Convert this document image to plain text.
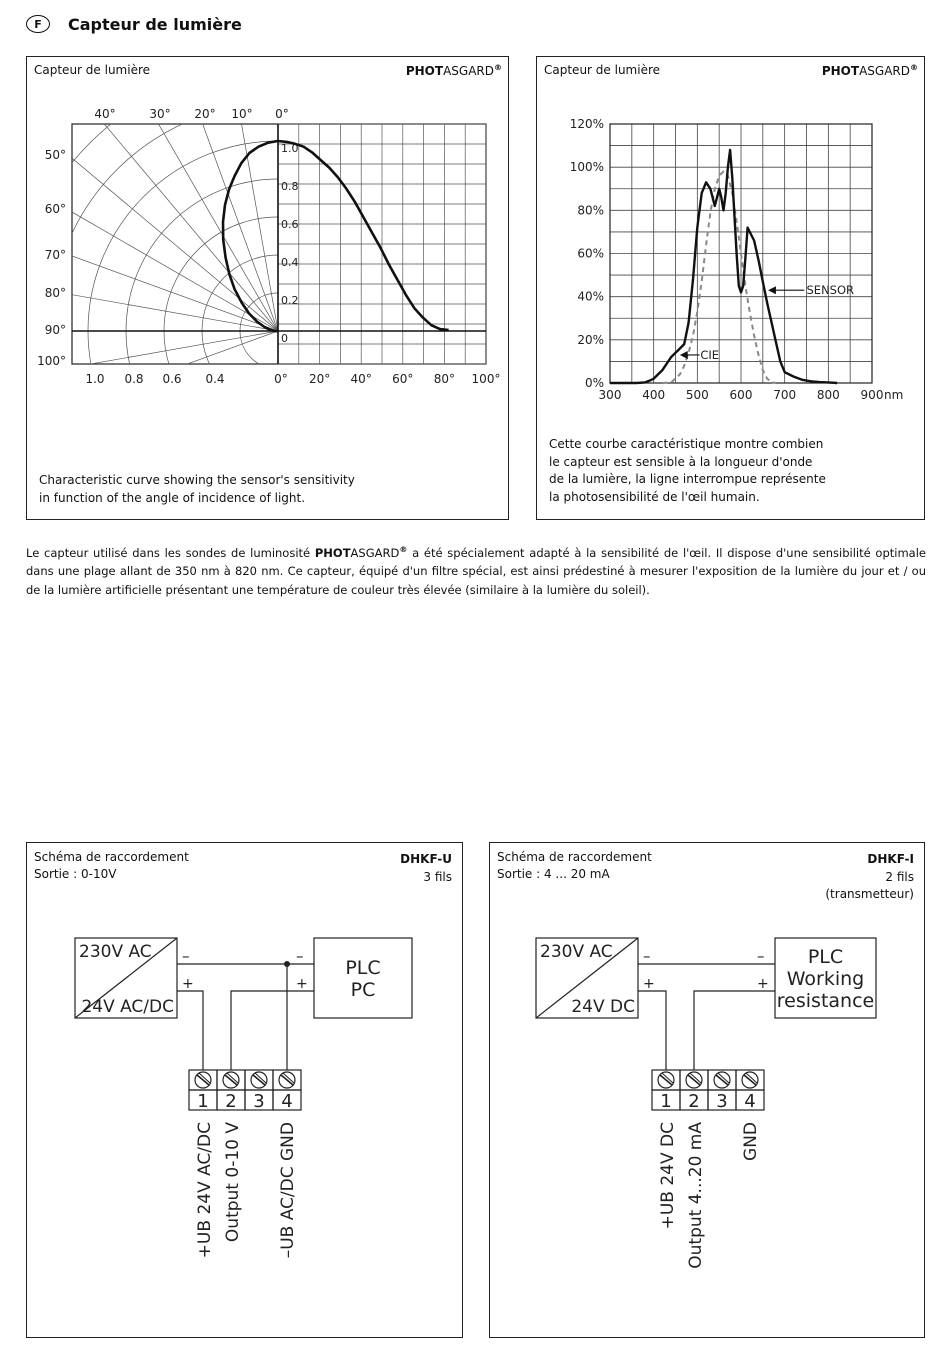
F	Capteur de lumière
Capteur de lumière	PHOTASGARD®
1.0
0.8
0.6
0.4
0.2
0
40°	30° 20° 10° 0°
50°
60°
70°
80°
90°
100°
1.0 0.8 0.6 0.4	0° 20° 40° 60° 80° 100°
Characteristic curve showing the sensor's sensitivity
in function of the angle of incidence of light.
Capteur de lumière	PHOTASGARD®
0%
20%
40%
60%
80%
100%
120%
300 400 500 600 700 800 900 nm
SENSOR
CIE
Cette courbe caractéristique montre combien
le capteur est sensible à la longueur d'onde
de la lumière, la ligne interrompue représente
la photosensibilité de l'œil humain.
Le capteur utilisé dans les sondes de luminosité PHOTASGARD® a été spécialement adapté à la sensibilité de l'œil. Il dispose d'une sensibilité optimale dans une plage allant de 350 nm à 820 nm. Ce capteur, équipé d'un filtre spécial, est ainsi prédestiné à mesurer l'exposition de la lumière du jour et / ou de la lumière artificielle présentant une température de couleur très élevée (similaire à la lumière du soleil).
Schéma de raccordement
Sortie : 0-10V
DHKF-U
3 fils
230V AC
24V AC/DC
PLC
PC
–	–
+	+
1 2 3 4
+UB 24V AC/DC Output 0-10 V –UB AC/DC GND
Schéma de raccordement
Sortie : 4 ... 20 mA
DHKF-I
2 fils
(transmetteur)
230V AC
24V DC
PLC
Working
resistance
–	–
+	+
1 2 3 4
+UB 24V DC Output 4...20 mA GND
